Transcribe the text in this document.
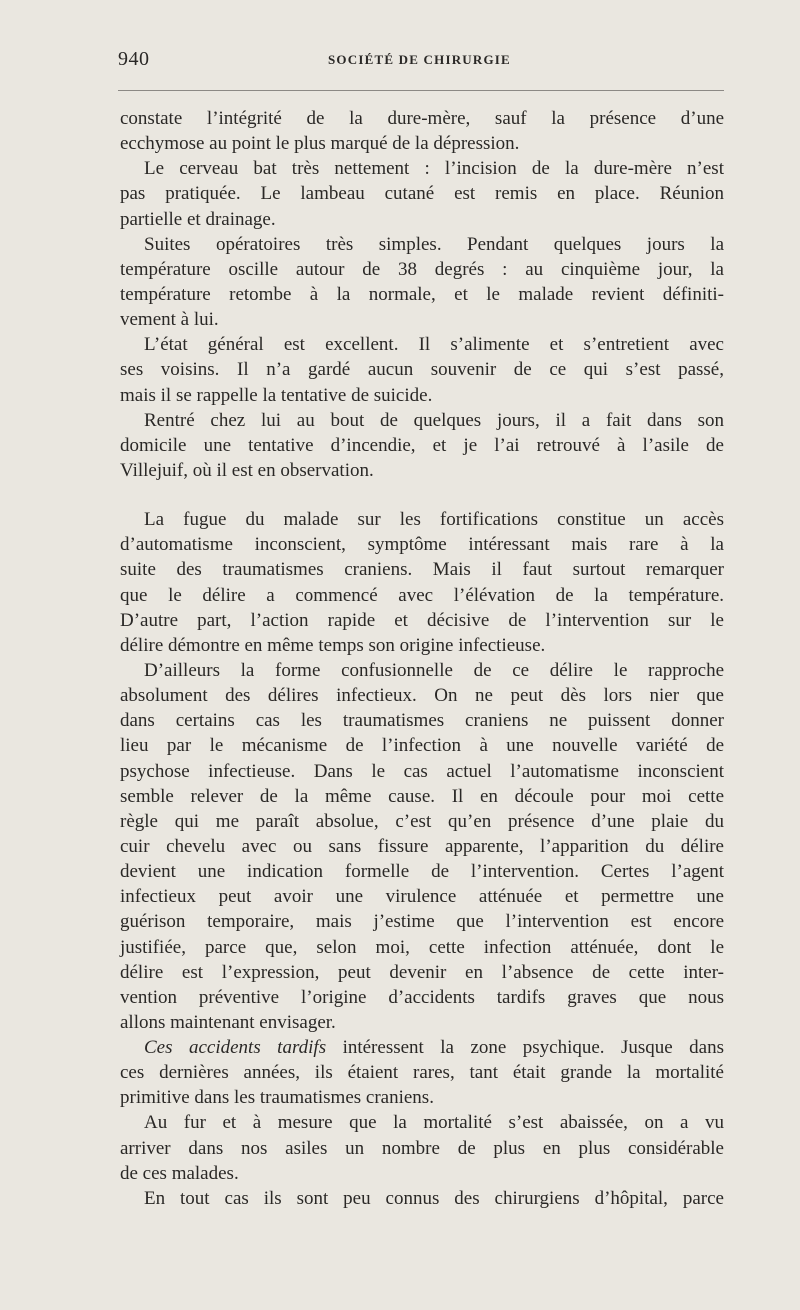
940	SOCIÉTÉ DE CHIRURGIE
constate l’intégrité de la dure-mère, sauf la présence d’une
ecchymose au point le plus marqué de la dépression.
Le cerveau bat très nettement : l’incision de la dure-mère n’est
pas pratiquée. Le lambeau cutané est remis en place. Réunion
partielle et drainage.
Suites opératoires très simples. Pendant quelques jours la
température oscille autour de 38 degrés : au cinquième jour, la
température retombe à la normale, et le malade revient définiti-
vement à lui.
L’état général est excellent. Il s’alimente et s’entretient avec
ses voisins. Il n’a gardé aucun souvenir de ce qui s’est passé,
mais il se rappelle la tentative de suicide.
Rentré chez lui au bout de quelques jours, il a fait dans son
domicile une tentative d’incendie, et je l’ai retrouvé à l’asile de
Villejuif, où il est en observation.
La fugue du malade sur les fortifications constitue un accès
d’automatisme inconscient, symptôme intéressant mais rare à la
suite des traumatismes craniens. Mais il faut surtout remarquer
que le délire a commencé avec l’élévation de la température.
D’autre part, l’action rapide et décisive de l’intervention sur le
délire démontre en même temps son origine infectieuse.
D’ailleurs la forme confusionnelle de ce délire le rapproche
absolument des délires infectieux. On ne peut dès lors nier que
dans certains cas les traumatismes craniens ne puissent donner
lieu par le mécanisme de l’infection à une nouvelle variété de
psychose infectieuse. Dans le cas actuel l’automatisme inconscient
semble relever de la même cause. Il en découle pour moi cette
règle qui me paraît absolue, c’est qu’en présence d’une plaie du
cuir chevelu avec ou sans fissure apparente, l’apparition du délire
devient une indication formelle de l’intervention. Certes l’agent
infectieux peut avoir une virulence atténuée et permettre une
guérison temporaire, mais j’estime que l’intervention est encore
justifiée, parce que, selon moi, cette infection atténuée, dont le
délire est l’expression, peut devenir en l’absence de cette inter-
vention préventive l’origine d’accidents tardifs graves que nous
allons maintenant envisager.
Ces accidents tardifs intéressent la zone psychique. Jusque dans
ces dernières années, ils étaient rares, tant était grande la mortalité
primitive dans les traumatismes craniens.
Au fur et à mesure que la mortalité s’est abaissée, on a vu
arriver dans nos asiles un nombre de plus en plus considérable
de ces malades.
En tout cas ils sont peu connus des chirurgiens d’hôpital, parce
